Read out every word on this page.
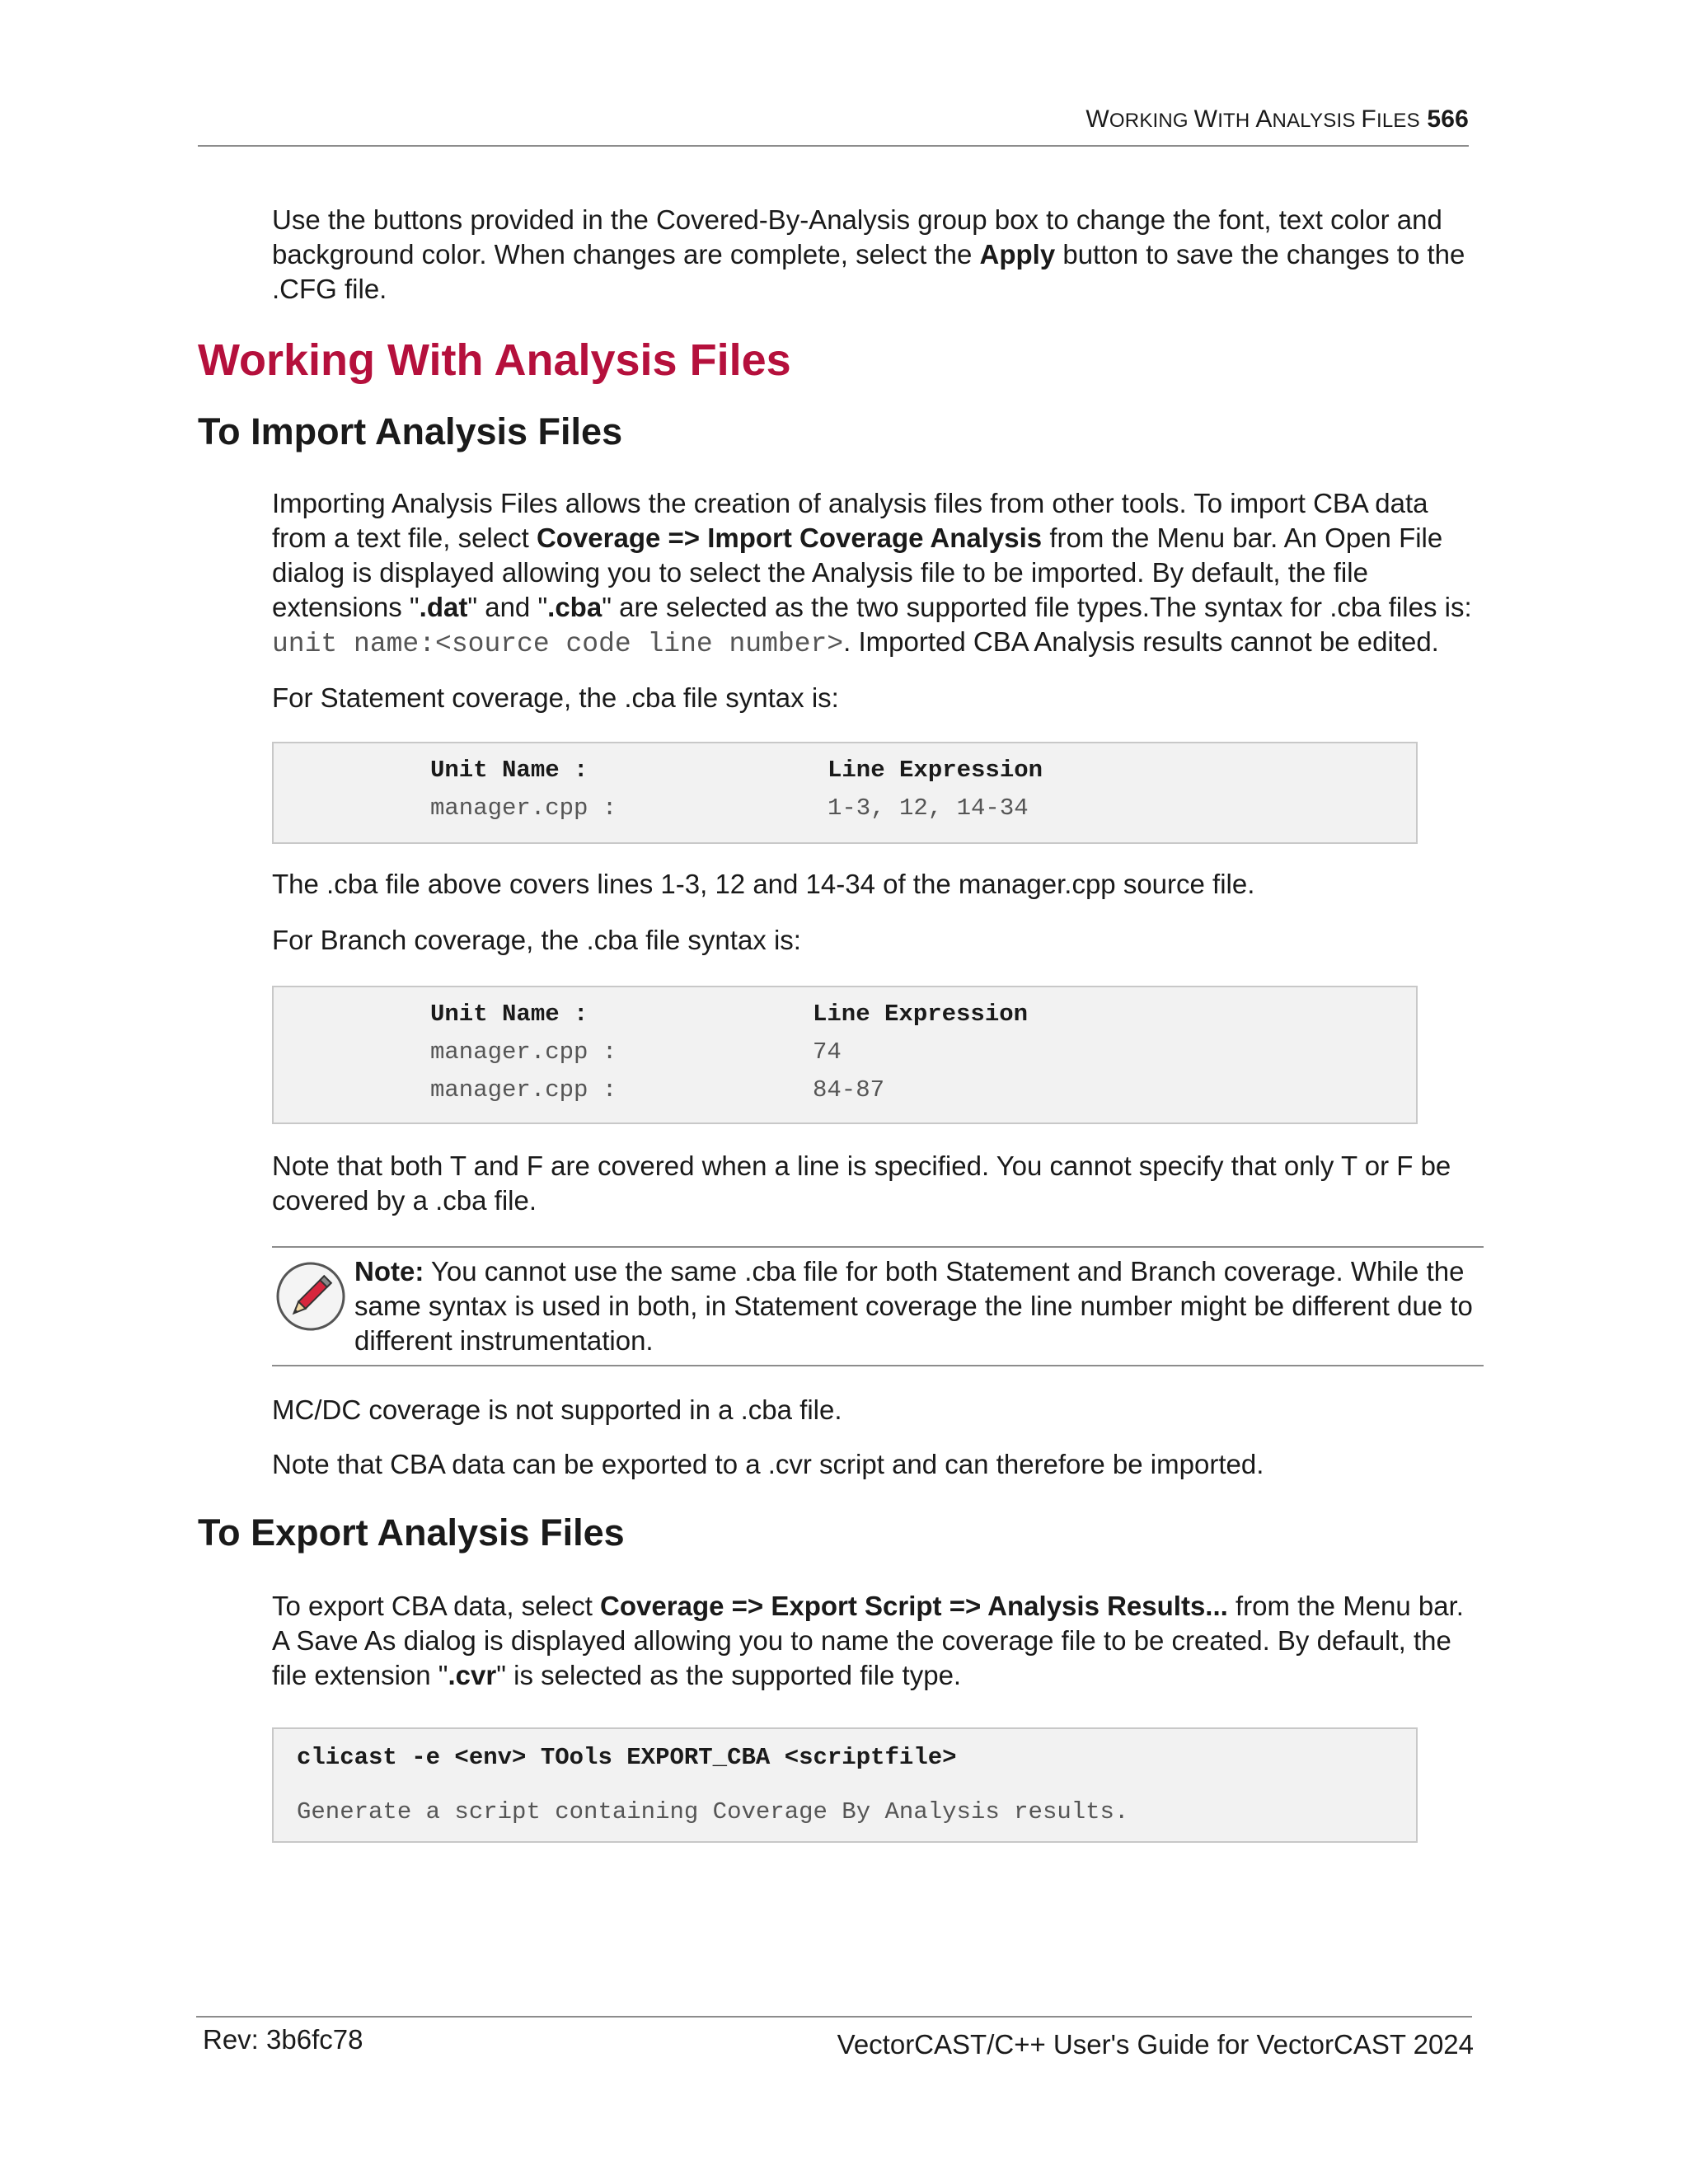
WORKING WITH ANALYSIS FILES 566
Use the buttons provided in the Covered-By-Analysis group box to change the font, text color and background color. When changes are complete, select the Apply button to save the changes to the .CFG file.
Working With Analysis Files
To Import Analysis Files
Importing Analysis Files allows the creation of analysis files from other tools. To import CBA data from a text file, select Coverage => Import Coverage Analysis from the Menu bar. An Open File dialog is displayed allowing you to select the Analysis file to be imported. By default, the file extensions ".dat" and ".cba" are selected as the two supported file types.The syntax for .cba files is: unit name:<source code line number>. Imported CBA Analysis results cannot be edited.
For Statement coverage, the .cba file syntax is:
Unit Name :	Line Expression
manager.cpp :	1-3, 12, 14-34
The .cba file above covers lines 1-3, 12 and 14-34 of the manager.cpp source file.
For Branch coverage, the .cba file syntax is:
Unit Name :	Line Expression
manager.cpp :	74
manager.cpp :	84-87
Note that both T and F are covered when a line is specified. You cannot specify that only T or F be covered by a .cba file.
Note: You cannot use the same .cba file for both Statement and Branch coverage. While the same syntax is used in both, in Statement coverage the line number might be different due to different instrumentation.
MC/DC coverage is not supported in a .cba file.
Note that CBA data can be exported to a .cvr script and can therefore be imported.
To Export Analysis Files
To export CBA data, select Coverage => Export Script => Analysis Results... from the Menu bar. A Save As dialog is displayed allowing you to name the coverage file to be created. By default, the file extension ".cvr" is selected as the supported file type.
clicast -e <env> TOols EXPORT_CBA <scriptfile>
Generate a script containing Coverage By Analysis results.
Rev: 3b6fc78	VectorCAST/C++ User's Guide for VectorCAST 2024
